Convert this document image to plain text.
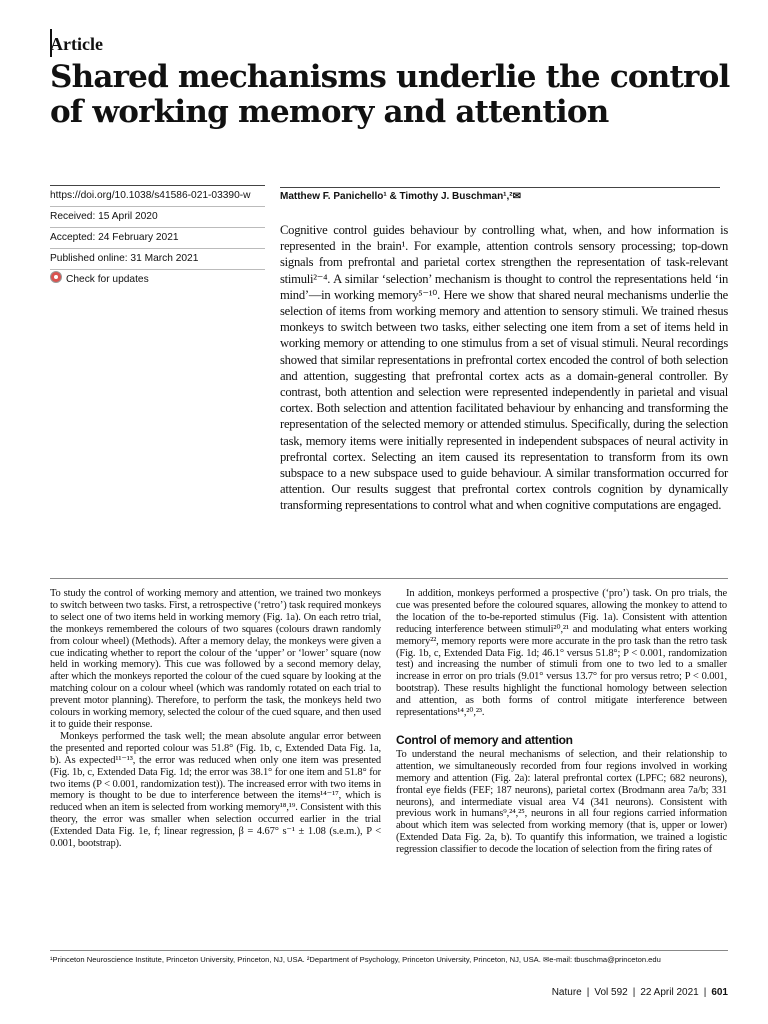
Article
Shared mechanisms underlie the control of working memory and attention
https://doi.org/10.1038/s41586-021-03390-w
Received: 15 April 2020
Accepted: 24 February 2021
Published online: 31 March 2021
Check for updates
Matthew F. Panichello¹ & Timothy J. Buschman¹,²✉
Cognitive control guides behaviour by controlling what, when, and how information is represented in the brain¹. For example, attention controls sensory processing; top-down signals from prefrontal and parietal cortex strengthen the representation of task-relevant stimuli²⁻⁴. A similar ‘selection’ mechanism is thought to control the representations held ‘in mind’—in working memory⁵⁻¹⁰. Here we show that shared neural mechanisms underlie the selection of items from working memory and attention to sensory stimuli. We trained rhesus monkeys to switch between two tasks, either selecting one item from a set of items held in working memory or attending to one stimulus from a set of visual stimuli. Neural recordings showed that similar representations in prefrontal cortex encoded the control of both selection and attention, suggesting that prefrontal cortex acts as a domain-general controller. By contrast, both attention and selection were represented independently in parietal and visual cortex. Both selection and attention facilitated behaviour by enhancing and transforming the representation of the selected memory or attended stimulus. Specifically, during the selection task, memory items were initially represented in independent subspaces of neural activity in prefrontal cortex. Selecting an item caused its representation to transform from its own subspace to a new subspace used to guide behaviour. A similar transformation occurred for attention. Our results suggest that prefrontal cortex controls cognition by dynamically transforming representations to control what and when cognitive computations are engaged.

To study the control of working memory and attention, we trained two monkeys to switch between two tasks. First, a retrospective (‘retro’) task required monkeys to select one of two items held in working memory (Fig. 1a). On each retro trial, the monkeys remembered the colours of two squares (colours drawn randomly from colour wheel) (Methods). After a memory delay, the monkeys were given a cue indicating whether to report the colour of the ‘upper’ or ‘lower’ square (now held in working memory). This cue was followed by a second memory delay, after which the monkeys reported the colour of the cued square by looking at the matching colour on a colour wheel (which was randomly rotated on each trial to prevent motor planning). Therefore, to perform the task, the monkeys held two colours in working memory, selected the colour of the cued square, and then used it to guide their response.

Monkeys performed the task well; the mean absolute angular error between the presented and reported colour was 51.8° (Fig. 1b, c, Extended Data Fig. 1a, b). As expected¹¹⁻¹³, the error was reduced when only one item was presented (Fig. 1b, c, Extended Data Fig. 1d; the error was 38.1° for one item and 51.8° for two items (P < 0.001, randomization test)). The increased error with two items in memory is thought to be due to interference between the items¹⁴⁻¹⁷, which is reduced when an item is selected from working memory¹⁸,¹⁹. Consistent with this theory, the error was smaller when selection occurred earlier in the trial (Extended Data Fig. 1e, f; linear regression, β = 4.67° s⁻¹ ± 1.08 (s.e.m.), P < 0.001, bootstrap).

In addition, monkeys performed a prospective (‘pro’) task. On pro trials, the cue was presented before the coloured squares, allowing the monkey to attend to the location of the to-be-reported stimulus (Fig. 1a). Consistent with attention reducing interference between stimuli²⁰,²¹ and modulating what enters working memory²², memory reports were more accurate in the pro task than the retro task (Fig. 1b, c, Extended Data Fig. 1d; 46.1° versus 51.8°; P < 0.001, randomization test) and increasing the number of stimuli from one to two led to a smaller increase in error on pro trials (9.01° versus 13.7° for pro versus retro; P < 0.001, bootstrap). These results highlight the functional homology between selection and attention, as both forms of control mitigate interference between representations¹⁴,²⁰,²³.

Control of memory and attention

To understand the neural mechanisms of selection, and their relationship to attention, we simultaneously recorded from four regions involved in working memory and attention (Fig. 2a): lateral prefrontal cortex (LPFC; 682 neurons), frontal eye fields (FEF; 187 neurons), parietal cortex (Brodmann area 7a/b; 331 neurons), and intermediate visual area V4 (341 neurons). Consistent with previous work in humans⁹,²⁴,²⁵, neurons in all four regions carried information about which item was selected from working memory (that is, upper or lower) (Extended Data Fig. 2a, b). To quantify this information, we trained a logistic regression classifier to decode the location of selection from the firing rates of

¹Princeton Neuroscience Institute, Princeton University, Princeton, NJ, USA. ²Department of Psychology, Princeton University, Princeton, NJ, USA. ✉e-mail: tbuschma@princeton.edu
Nature | Vol 592 | 22 April 2021 | 601
